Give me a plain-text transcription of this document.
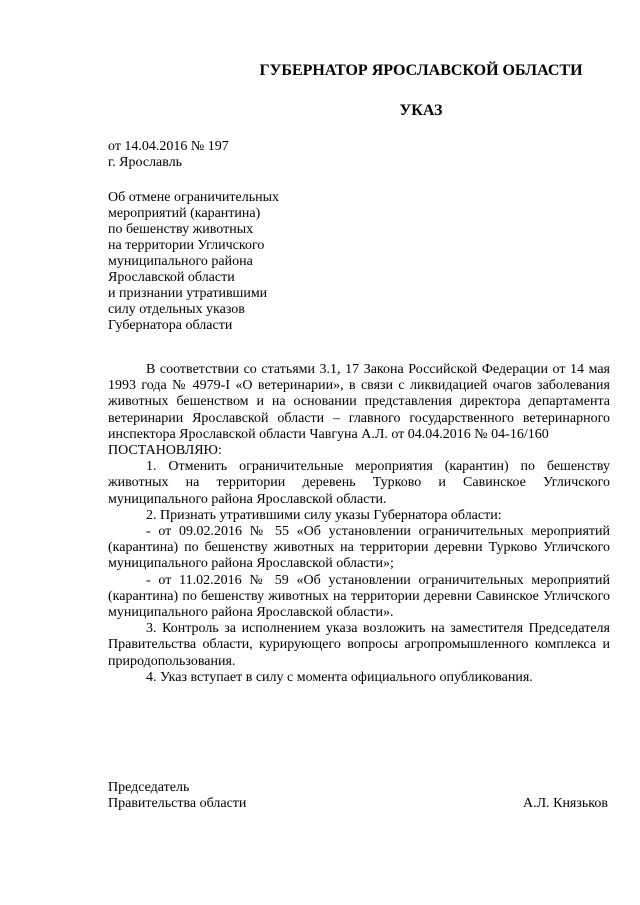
ГУБЕРНАТОР ЯРОСЛАВСКОЙ ОБЛАСТИ
УКАЗ
от 14.04.2016 № 197
г. Ярославль
Об отмене ограничительных
мероприятий (карантина)
по бешенству животных
на территории Угличского
муниципального района
Ярославской области
и признании утратившими
силу отдельных указов
Губернатора области

В соответствии со статьями 3.1, 17 Закона Российской Федерации от 14 мая 1993 года № 4979-I «О ветеринарии», в связи с ликвидацией очагов заболевания животных бешенством и на основании представления директора департамента ветеринарии Ярославской области – главного государственного ветеринарного инспектора Ярославской области Чавгуна А.Л. от 04.04.2016 № 04-16/160

ПОСТАНОВЛЯЮ:

1. Отменить ограничительные мероприятия (карантин) по бешенству животных на территории деревень Турково и Савинское Угличского муниципального района Ярославской области.

2. Признать утратившими силу указы Губернатора области:

- от 09.02.2016 № 55 «Об установлении ограничительных мероприятий (карантина) по бешенству животных на территории деревни Турково Угличского муниципального района Ярославской области»;

- от 11.02.2016 № 59 «Об установлении ограничительных мероприятий (карантина) по бешенству животных на территории деревни Савинское Угличского муниципального района Ярославской области».

3. Контроль за исполнением указа возложить на заместителя Председателя Правительства области, курирующего вопросы агропромышленного комплекса и природопользования.

4. Указ вступает в силу с момента официального опубликования.

Председатель
Правительства области	А.Л. Князьков
